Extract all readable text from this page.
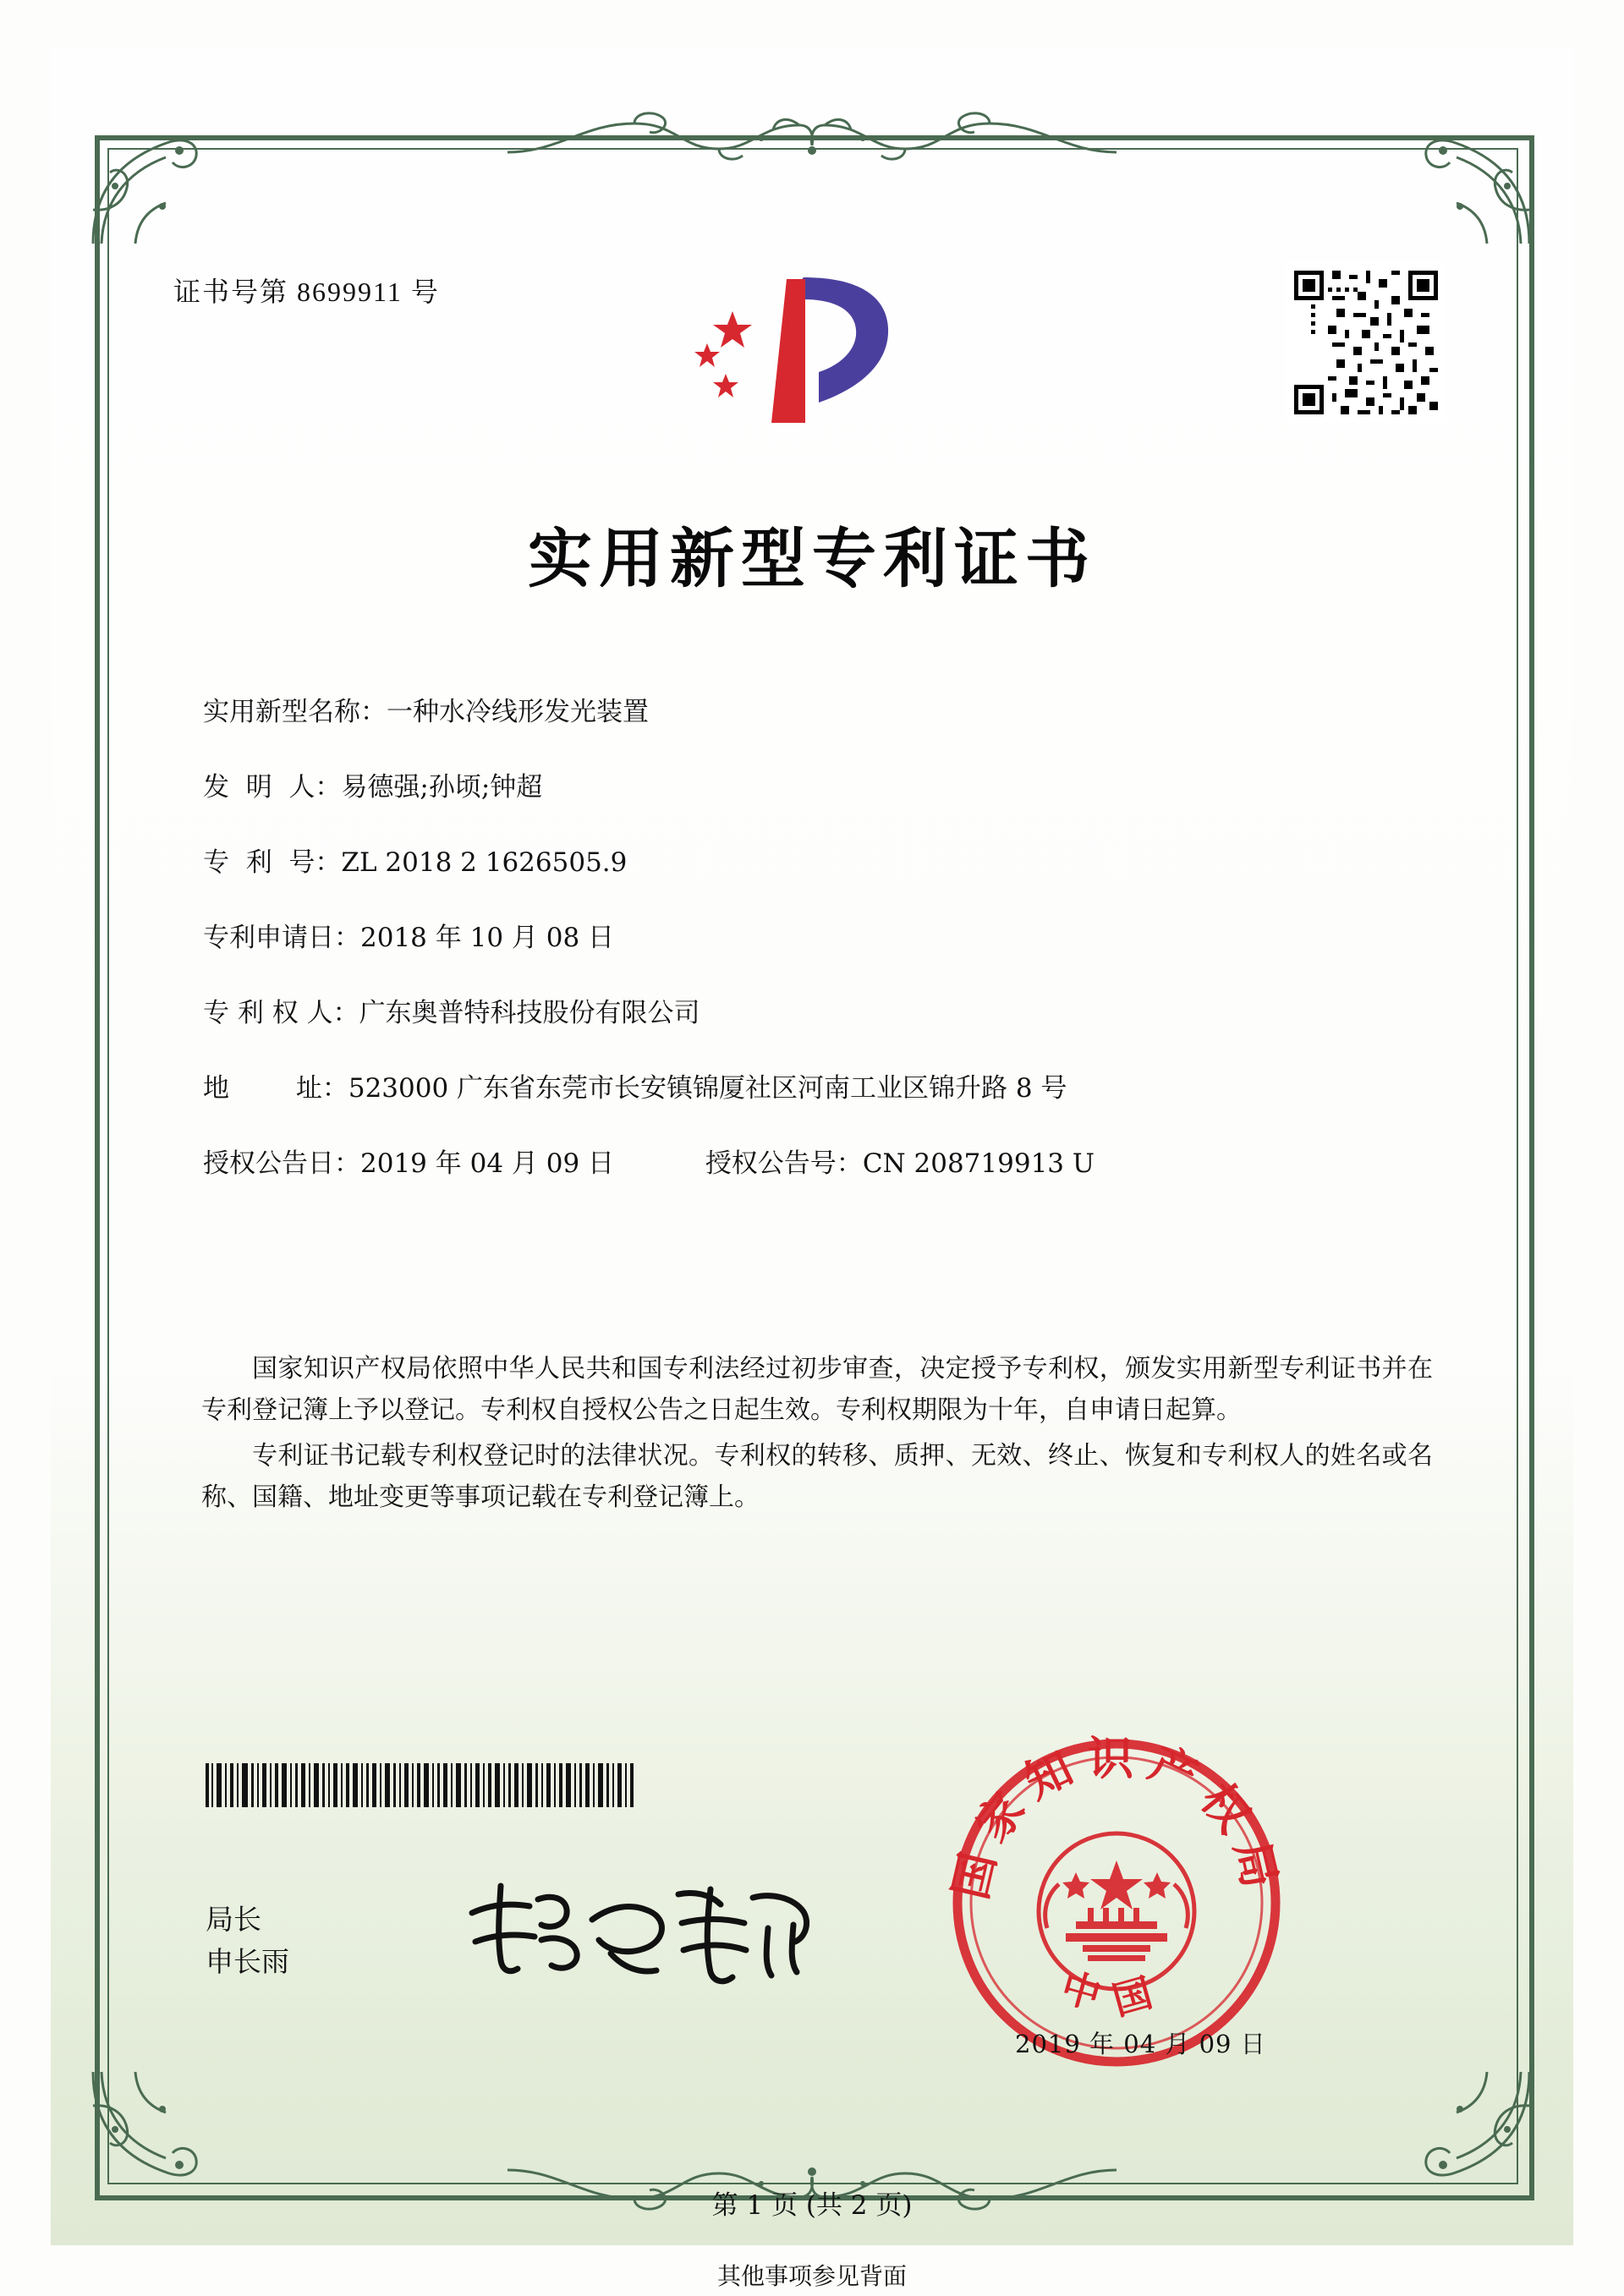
证书号第 8699911 号
实用新型专利证书
实用新型名称： 一种水冷线形发光装置
发  明  人： 易德强;孙顷;钟超
专  利  号： ZL 2018 2 1626505.9
专利申请日： 2018 年 10 月 08 日
专 利 权 人： 广东奥普特科技股份有限公司
地        址： 523000 广东省东莞市长安镇锦厦社区河南工业区锦升路 8 号
授权公告日：2019 年 04 月 09 日	授权公告号：CN 208719913 U

国家知识产权局依照中华人民共和国专利法经过初步审查，决定授予专利权，颁发实用新型专利证书并在专利登记簿上予以登记。专利权自授权公告之日起生效。专利权期限为十年，自申请日起算。

专利证书记载专利权登记时的法律状况。专利权的转移、质押、无效、终止、恢复和专利权人的姓名或名称、国籍、地址变更等事项记载在专利登记簿上。

局长
申长雨
国家知识产权局
中国
2019 年 04 月 09 日
第 1 页 (共 2 页)
其他事项参见背面
